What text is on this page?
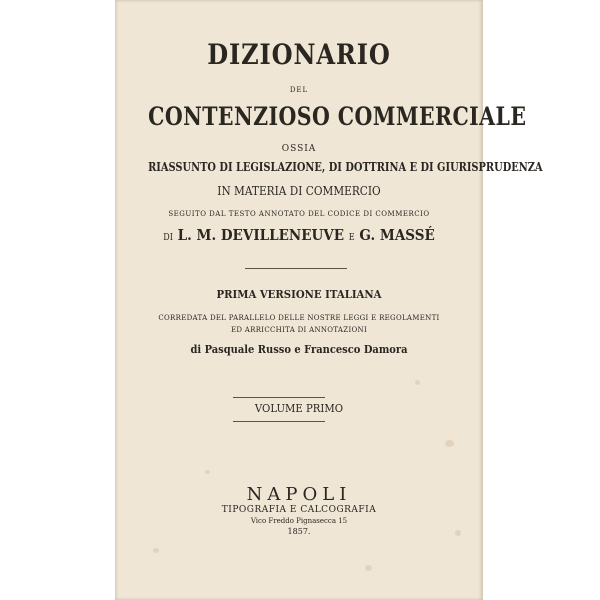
DIZIONARIO
DEL
CONTENZIOSO COMMERCIALE
OSSIA
RIASSUNTO DI LEGISLAZIONE, DI DOTTRINA E DI GIURISPRUDENZA
IN MATERIA DI COMMERCIO
SEGUITO DAL TESTO ANNOTATO DEL CODICE DI COMMERCIO
DI L. M. DEVILLENEUVE E G. MASSÉ
PRIMA VERSIONE ITALIANA
CORREDATA DEL PARALLELO DELLE NOSTRE LEGGI E REGOLAMENTI
ED ARRICCHITA DI ANNOTAZIONI
di Pasquale Russo e Francesco Damora
VOLUME PRIMO
NAPOLI
TIPOGRAFIA E CALCOGRAFIA
Vico Freddo Pignasecca 15
1857.
